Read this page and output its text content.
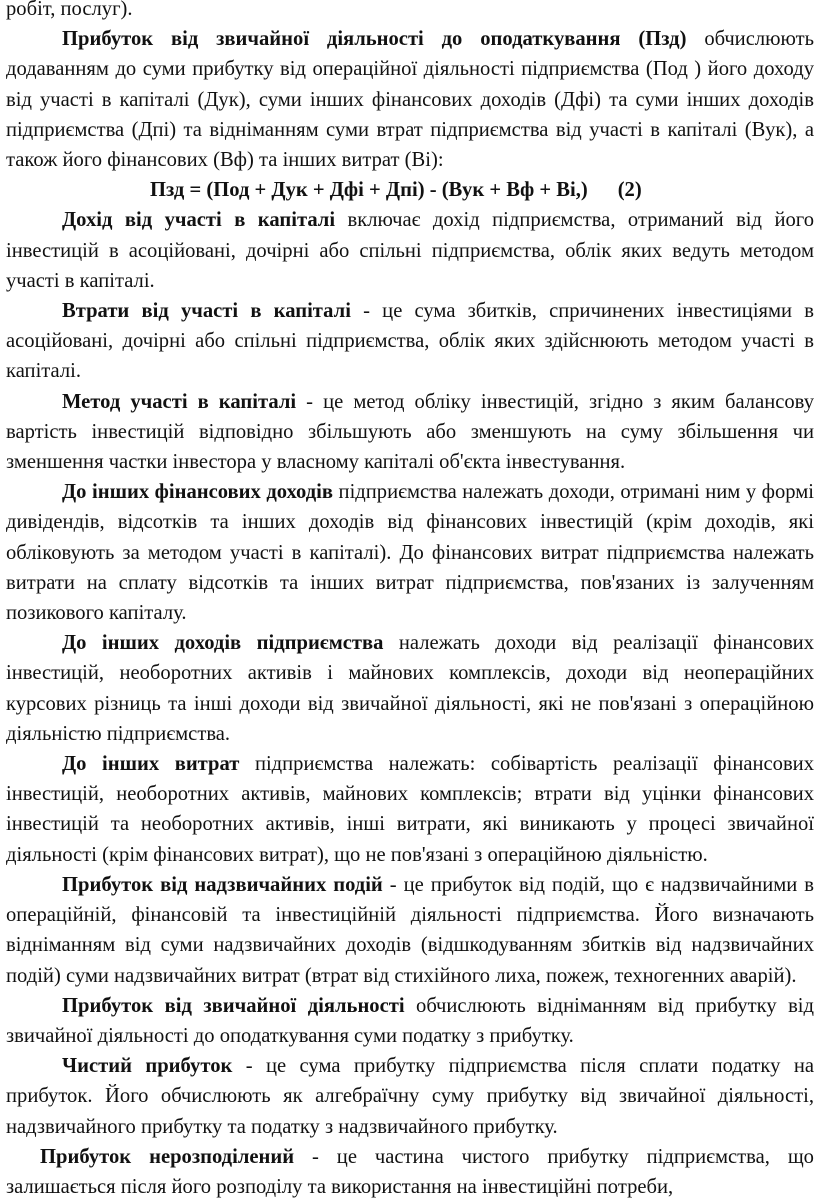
робіт, послуг).

Прибуток від звичайної діяльності до оподаткування (Пзд) обчислюють додаванням до суми прибутку від операційної діяльності підприємства (Под ) його доходу від участі в капіталі (Дук), суми інших фінансових доходів (Дфі) та суми інших доходів підприємства (Дпі) та відніманням суми втрат підприємства від участі в капіталі (Вук), а також його фінансових (Вф) та інших витрат (Ві):

Пзд = (Под + Дук + Дфі + Дпі) - (Вук + Вф + Ві,) (2)

Дохід від участі в капіталі включає дохід підприємства, отриманий від його інвестицій в асоційовані, дочірні або спільні підприємства, облік яких ведуть методом участі в капіталі.

Втрати від участі в капіталі - це сума збитків, спричинених інвестиціями в асоційовані, дочірні або спільні підприємства, облік яких здійснюють методом участі в капіталі.

Метод участі в капіталі - це метод обліку інвестицій, згідно з яким балансову вартість інвестицій відповідно збільшують або зменшують на суму збільшення чи зменшення частки інвестора у власному капіталі об'єкта інвестування.

До інших фінансових доходів підприємства належать доходи, отримані ним у формі дивідендів, відсотків та інших доходів від фінансових інвестицій (крім доходів, які обліковують за методом участі в капіталі). До фінансових витрат підприємства належать витрати на сплату відсотків та інших витрат підприємства, пов'язаних із залученням позикового капіталу.

До інших доходів підприємства належать доходи від реалізації фінансових інвестицій, необоротних активів і майнових комплексів, доходи від неопераційних курсових різниць та інші доходи від звичайної діяльності, які не пов'язані з операційною діяльністю підприємства.

До інших витрат підприємства належать: собівартість реалізації фінансових інвестицій, необоротних активів, майнових комплексів; втрати від уцінки фінансових інвестицій та необоротних активів, інші витрати, які виникають у процесі звичайної діяльності (крім фінансових витрат), що не пов'язані з операційною діяльністю.

Прибуток від надзвичайних подій - це прибуток від подій, що є надзвичайними в операційній, фінансовій та інвестиційній діяльності підприємства. Його визначають відніманням від суми надзвичайних доходів (відшкодуванням збитків від надзвичайних подій) суми надзвичайних витрат (втрат від стихійного лиха, пожеж, техногенних аварій).

Прибуток від звичайної діяльності обчислюють відніманням від прибутку від звичайної діяльності до оподаткування суми податку з прибутку.

Чистий прибуток - це сума прибутку підприємства після сплати податку на прибуток. Його обчислюють як алгебраїчну суму прибутку від звичайної діяльності, надзвичайного прибутку та податку з надзвичайного прибутку.

Прибуток нерозподілений - це частина чистого прибутку підприємства, що залишається після його розподілу та використання на інвестиційні потреби,
